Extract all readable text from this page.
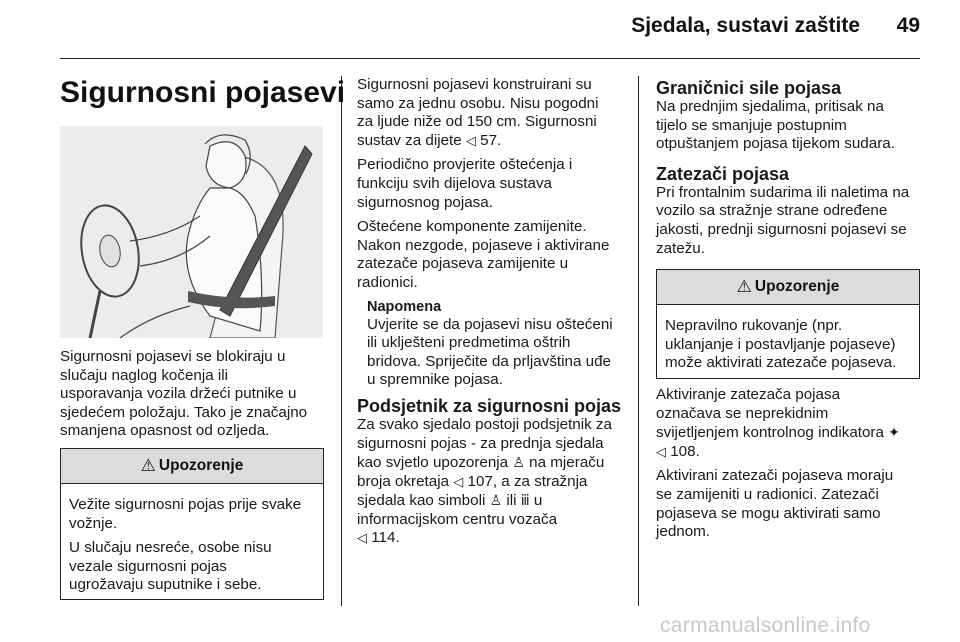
Sjedala, sustavi zaštite	49
Sigurnosni pojasevi

Sigurnosni pojasevi se blokiraju u

slučaju naglog kočenja ili

usporavanja vozila držeći putnike u

sjedećem položaju. Tako je značajno

smanjena opasnost od ozljeda.

⚠ Upozorenje

Vežite sigurnosni pojas prije svake
vožnje.

U slučaju nesreće, osobe nisu
vezale sigurnosni pojas
ugrožavaju suputnike i sebe.

Sigurnosni pojasevi konstruirani su
samo za jednu osobu. Nisu pogodni
za ljude niže od 150 cm. Sigurnosni
sustav za dijete ◁ 57.

Periodično provjerite oštećenja i
funkciju svih dijelova sustava
sigurnosnog pojasa.

Oštećene komponente zamijenite.
Nakon nezgode, pojaseve i aktivirane
zatezače pojaseva zamijenite u
radionici.

Napomena
Uvjerite se da pojasevi nisu oštećeni
ili uklješteni predmetima oštrih
bridova. Spriječite da prljavština uđe
u spremnike pojasa.
Podsjetnik za sigurnosni pojas

Za svako sjedalo postoji podsjetnik za
sigurnosni pojas - za prednja sjedala
kao svjetlo upozorenja ♙ na mjeraču
broja okretaja ◁ 107, a za stražnja
sjedala kao simboli ♙ ili ⅲ u
informacijskom centru vozača
◁ 114.

Graničnici sile pojasa

Na prednjim sjedalima, pritisak na
tijelo se smanjuje postupnim
otpuštanjem pojasa tijekom sudara.

Zatezači pojasa

Pri frontalnim sudarima ili naletima na
vozilo sa stražnje strane određene
jakosti, prednji sigurnosni pojasevi se
zatežu.

⚠ Upozorenje
Nepravilno rukovanje (npr.
uklanjanje i postavljanje pojaseve)
može aktivirati zatezače pojaseva.

Aktiviranje zatezača pojasa
označava se neprekidnim
svijetljenjem kontrolnog indikatora ✦
◁ 108.

Aktivirani zatezači pojaseva moraju
se zamijeniti u radionici. Zatezači
pojaseva se mogu aktivirati samo
jednom.

carmanualsonline.info
